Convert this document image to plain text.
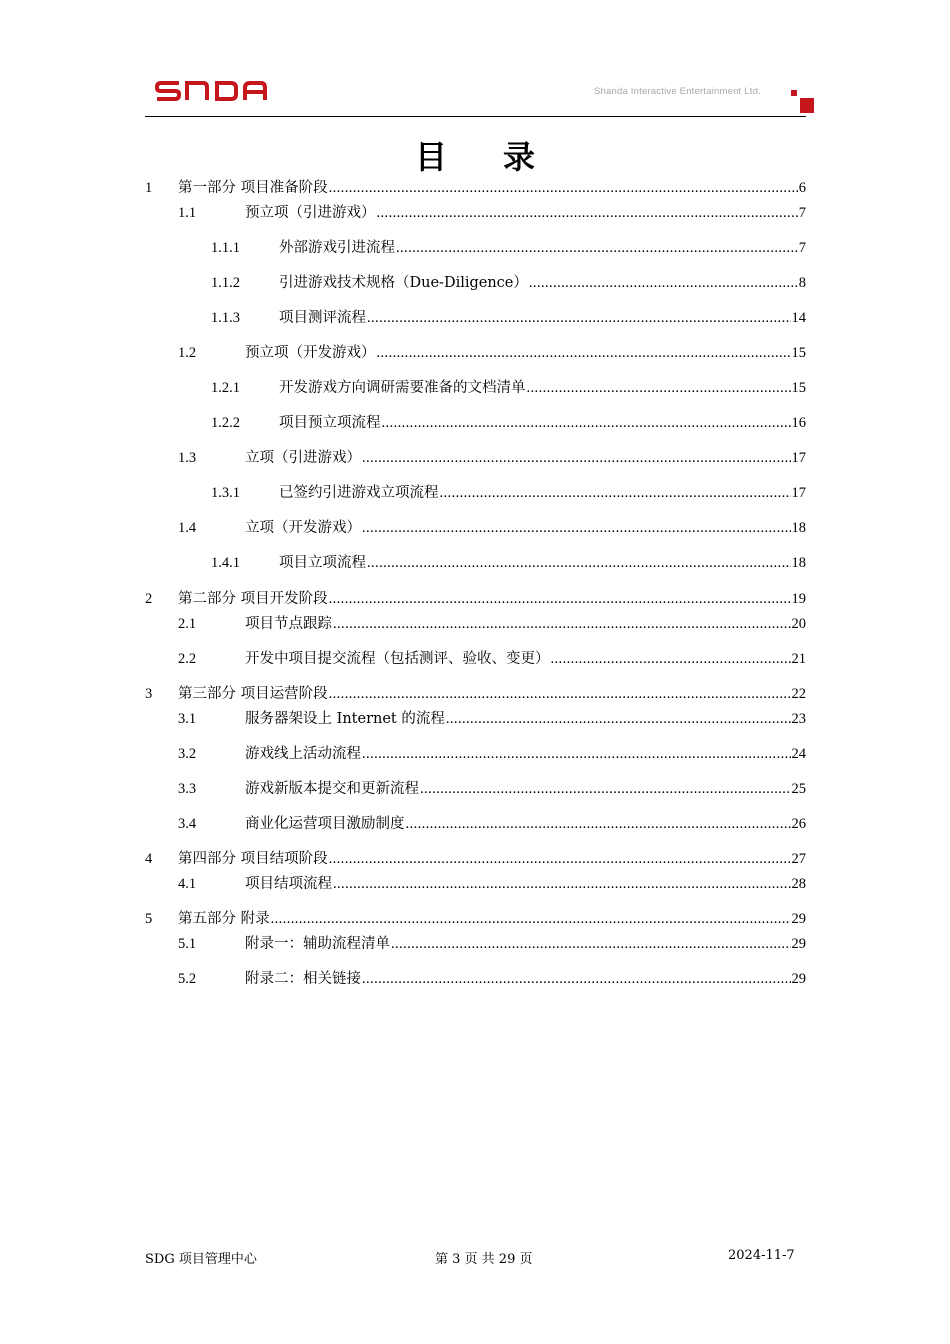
Shanda Interactive Entertainment Ltd.
目录
1	第一部分 项目准备阶段 .....	6
1.1	预立项（引进游戏） .....	7
1.1.1	外部游戏引进流程 .....	7
1.1.2	引进游戏技术规格（Due-Diligence） .....	8
1.1.3	项目测评流程 .....	14
1.2	预立项（开发游戏） .....	15
1.2.1	开发游戏方向调研需要准备的文档清单 .....	15
1.2.2	项目预立项流程 .....	16
1.3	立项（引进游戏） .....	17
1.3.1	已签约引进游戏立项流程 .....	17
1.4	立项（开发游戏） .....	18
1.4.1	项目立项流程 .....	18
2	第二部分 项目开发阶段 .....	19
2.1	项目节点跟踪 .....	20
2.2	开发中项目提交流程（包括测评、验收、变更） .....	21
3	第三部分 项目运营阶段 .....	22
3.1	服务器架设上 Internet 的流程 .....	23
3.2	游戏线上活动流程 .....	24
3.3	游戏新版本提交和更新流程 .....	25
3.4	商业化运营项目激励制度 .....	26
4	第四部分 项目结项阶段 .....	27
4.1	项目结项流程 .....	28
5	第五部分 附录 .....	29
5.1	附录一：辅助流程清单 .....	29
5.2	附录二：相关链接 .....	29
SDG 项目管理中心	第 3 页 共 29 页	2024-11-7
